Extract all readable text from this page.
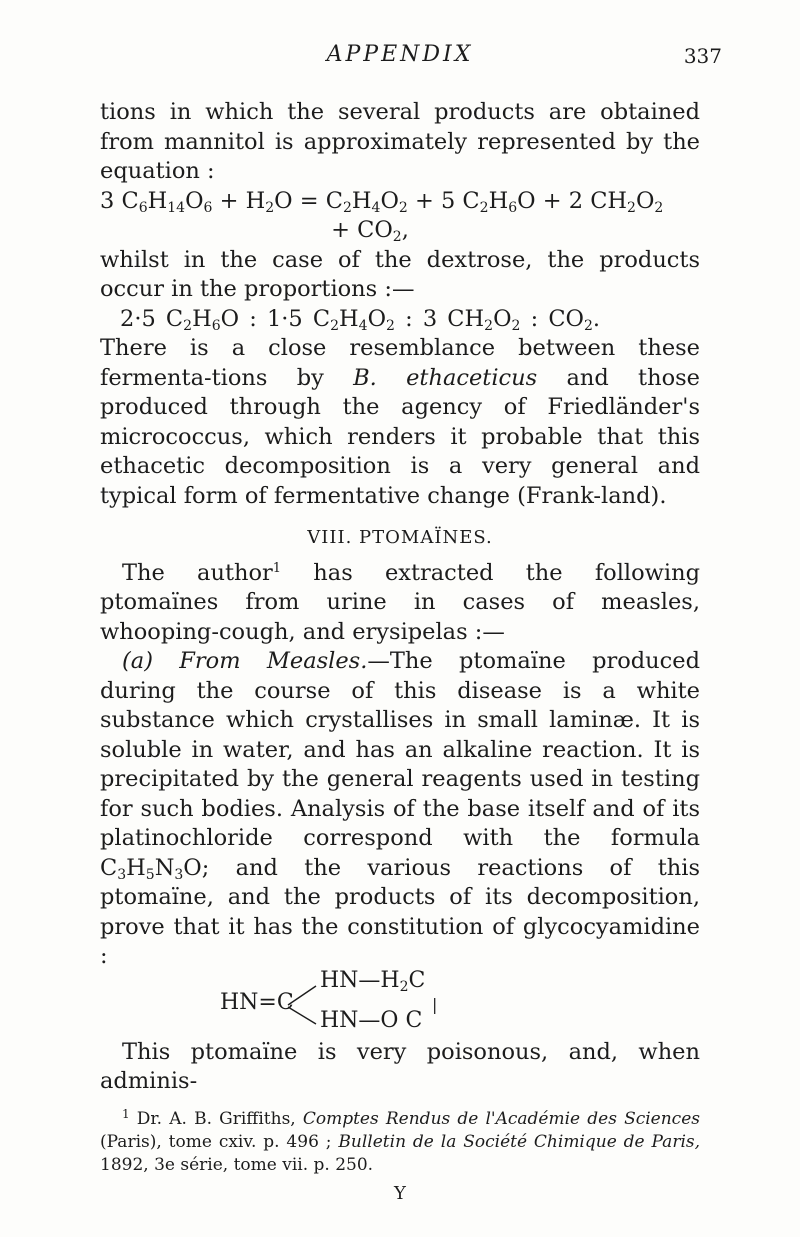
APPENDIX	337

tions in which the several products are obtained from mannitol is approximately represented by the equation :

3 $C_6H_{14}O_6 + H_2O = C_2H_4O_2 + 5$ $C_2H_6O + 2$ $CH_2O_2$

+ $CO_2$,

whilst in the case of the dextrose, the products occur in the proportions :—

2·5 $C_2H_6O$ : 1·5 $C_2H_4O_2$ : 3 $CH_2O_2$ : $CO_2$.

There is a close resemblance between these fermenta-tions by B. ethaceticus and those produced through the agency of Friedländer's micrococcus, which renders it probable that this ethacetic decomposition is a very general and typical form of fermentative change (Frank-land).

VIII. PTOMAÏNES.

The author$^1$ has extracted the following ptomaïnes from urine in cases of measles, whooping-cough, and erysipelas :—

(a) From Measles.—The ptomaïne produced during the course of this disease is a white substance which crystallises in small laminæ. It is soluble in water, and has an alkaline reaction. It is precipitated by the general reagents used in testing for such bodies. Analysis of the base itself and of its platinochloride correspond with the formula $C_3H_5N_3O$; and the various reactions of this ptomaïne, and the products of its decomposition, prove that it has the constitution of glycocyamidine :

HN=C
$HN—H_2C$
|
HN—O C

This ptomaïne is very poisonous, and, when adminis-

$^1$ Dr. A. B. Griffiths, Comptes Rendus de l'Académie des Sciences (Paris), tome cxiv. p. 496 ; Bulletin de la Société Chimique de Paris, 1892, 3e série, tome vii. p. 250.

Y
